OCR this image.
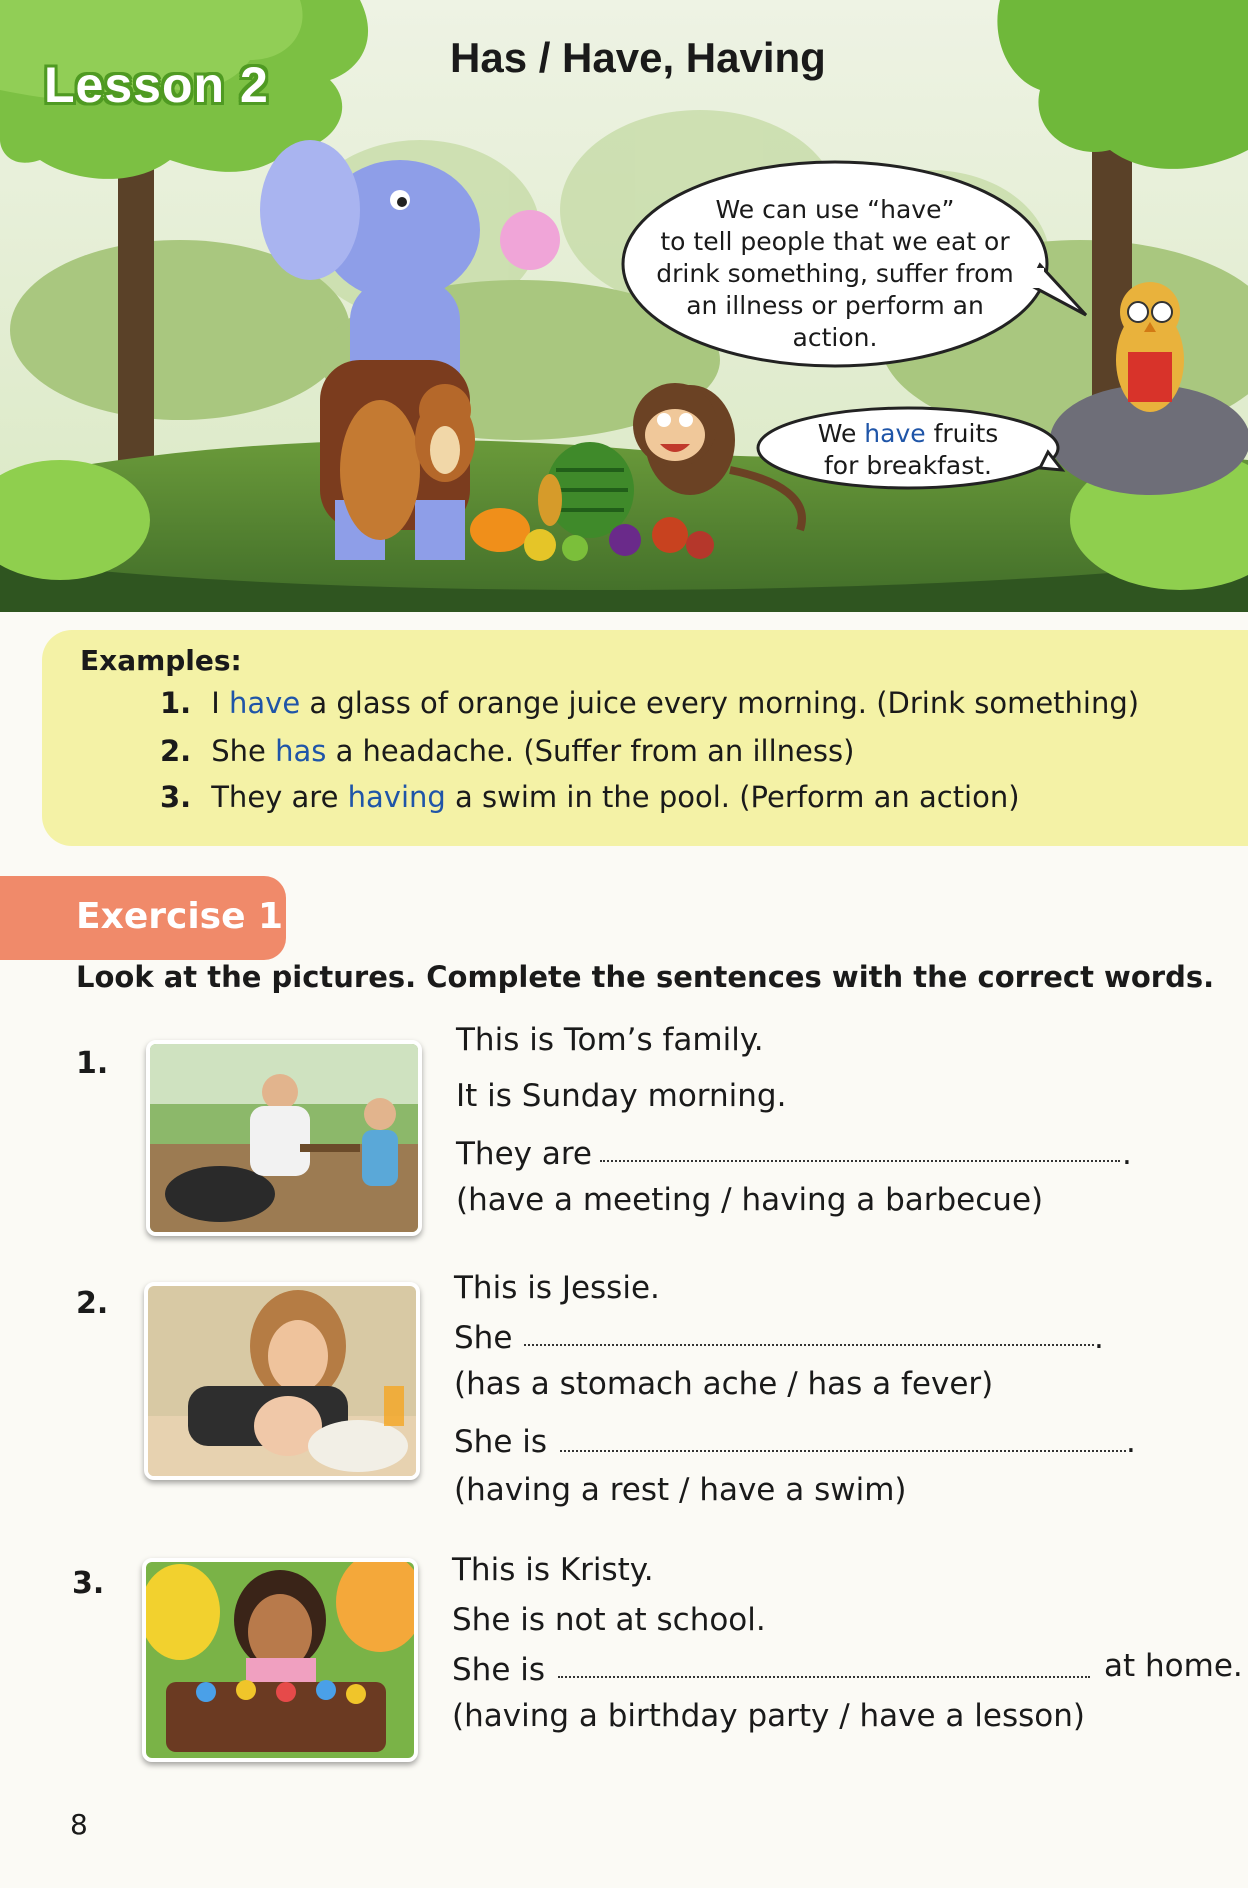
Lesson 2	Has / Have, Having
We can use “have”
to tell people that we eat or
drink something, suffer from
an illness or perform an
action.
We have fruits
for breakfast.
Examples:
1. I have a glass of orange juice every morning. (Drink something)
2. She has a headache. (Suffer from an illness)
3. They are having a swim in the pool. (Perform an action)
Exercise 1
Look at the pictures. Complete the sentences with the correct words.
1.
This is Tom’s family.
It is Sunday morning.
They are	.
(have a meeting / having a barbecue)
2.	This is Jessie.
She	.
(has a stomach ache / has a fever)
She is	.
(having a rest / have a swim)
3.	This is Kristy.
She is not at school.
She is	at home.
(having a birthday party / have a lesson)
8
